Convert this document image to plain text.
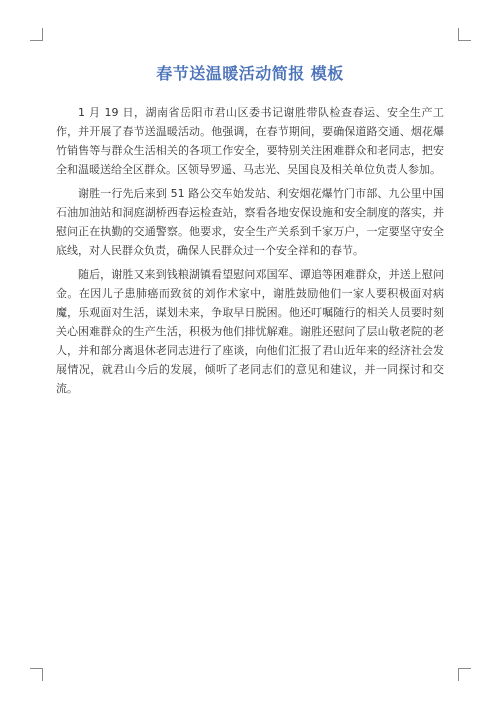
春节送温暖活动简报 模板

1 月 19 日，湖南省岳阳市君山区委书记谢胜带队检查春运、安全生产工作，并开展了春节送温暖活动。他强调，在春节期间，要确保道路交通、烟花爆竹销售等与群众生活相关的各项工作安全，要特别关注困难群众和老同志，把安全和温暖送给全区群众。区领导罗遥、马志光、吴国良及相关单位负责人参加。

谢胜一行先后来到 51 路公交车始发站、利安烟花爆竹门市部、九公里中国石油加油站和洞庭湖桥西春运检查站，察看各地安保设施和安全制度的落实，并慰问正在执勤的交通警察。他要求，安全生产关系到千家万户，一定要坚守安全底线，对人民群众负责，确保人民群众过一个安全祥和的春节。

随后，谢胜又来到钱粮湖镇看望慰问邓国军、谭追等困难群众，并送上慰问金。在因儿子患肺癌而致贫的刘作术家中，谢胜鼓励他们一家人要积极面对病魔，乐观面对生活，谋划未来，争取早日脱困。他还叮嘱随行的相关人员要时刻关心困难群众的生产生活，积极为他们排忧解难。谢胜还慰问了层山敬老院的老人，并和部分离退休老同志进行了座谈，向他们汇报了君山近年来的经济社会发展情况，就君山今后的发展，倾听了老同志们的意见和建议，并一同探讨和交流。
